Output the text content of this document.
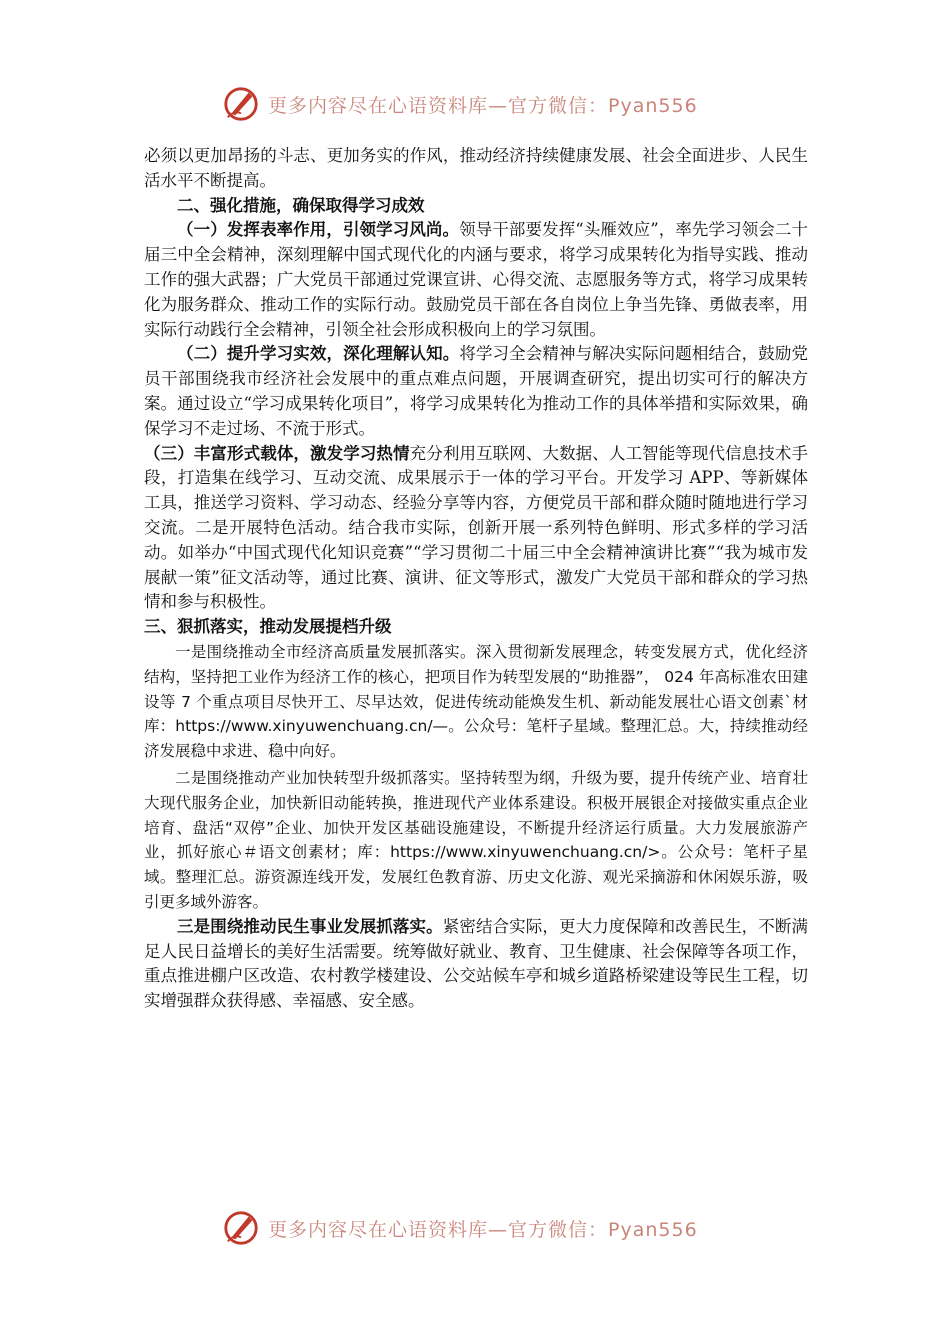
更多内容尽在心语资料库—官方微信：Pyan556

必须以更加昂扬的斗志、更加务实的作风，推动经济持续健康发展、社会全面进步、人民生活水平不断提高。

二、强化措施，确保取得学习成效

（一）发挥表率作用，引领学习风尚。领导干部要发挥“头雁效应”，率先学习领会二十届三中全会精神，深刻理解中国式现代化的内涵与要求，将学习成果转化为指导实践、推动工作的强大武器；广大党员干部通过党课宣讲、心得交流、志愿服务等方式，将学习成果转化为服务群众、推动工作的实际行动。鼓励党员干部在各自岗位上争当先锋、勇做表率，用实际行动践行全会精神，引领全社会形成积极向上的学习氛围。

（二）提升学习实效，深化理解认知。将学习全会精神与解决实际问题相结合，鼓励党员干部围绕我市经济社会发展中的重点难点问题，开展调查研究，提出切实可行的解决方案。通过设立“学习成果转化项目”，将学习成果转化为推动工作的具体举措和实际效果，确保学习不走过场、不流于形式。

（三）丰富形式载体，激发学习热情充分利用互联网、大数据、人工智能等现代信息技术手段，打造集在线学习、互动交流、成果展示于一体的学习平台。开发学习 APP、等新媒体工具，推送学习资料、学习动态、经验分享等内容，方便党员干部和群众随时随地进行学习交流。二是开展特色活动。结合我市实际，创新开展一系列特色鲜明、形式多样的学习活动。如举办“中国式现代化知识竞赛”“学习贯彻二十届三中全会精神演讲比赛”“我为城市发展献一策”征文活动等，通过比赛、演讲、征文等形式，激发广大党员干部和群众的学习热情和参与积极性。

三、狠抓落实，推动发展提档升级

一是围绕推动全市经济高质量发展抓落实。深入贯彻新发展理念，转变发展方式，优化经济结构，坚持把工业作为经济工作的核心，把项目作为转型发展的“助推器”， 024 年高标准农田建设等 7 个重点项目尽快开工、尽早达效，促进传统动能焕发生机、新动能发展壮心语文创素`材库：https://www.xinyuwenchuang.cn/—。公众号：笔杆子星域。整理汇总。大，持续推动经济发展稳中求进、稳中向好。

二是围绕推动产业加快转型升级抓落实。坚持转型为纲，升级为要，提升传统产业、培育壮大现代服务企业，加快新旧动能转换，推进现代产业体系建设。积极开展银企对接做实重点企业培育、盘活“双停”企业、加快开发区基础设施建设，不断提升经济运行质量。大力发展旅游产业，抓好旅心＃语文创素材；库：https://www.xinyuwenchuang.cn/>。公众号：笔杆子星域。整理汇总。游资源连线开发，发展红色教育游、历史文化游、观光采摘游和休闲娱乐游，吸引更多域外游客。

三是围绕推动民生事业发展抓落实。紧密结合实际，更大力度保障和改善民生，不断满足人民日益增长的美好生活需要。统筹做好就业、教育、卫生健康、社会保障等各项工作，重点推进棚户区改造、农村教学楼建设、公交站候车亭和城乡道路桥梁建设等民生工程，切实增强群众获得感、幸福感、安全感。

更多内容尽在心语资料库—官方微信：Pyan556
